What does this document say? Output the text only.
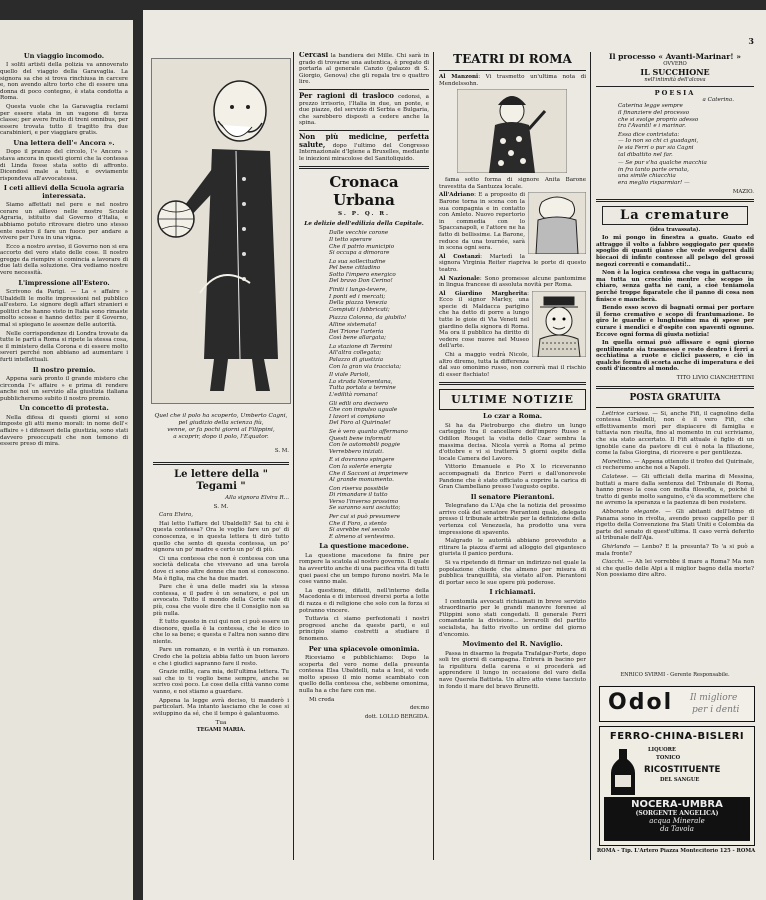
Un viaggio incomodo.

I soliti artisti della polizia va annoverato quello del viaggio della Garavaglia. La signora sa che si trova rinchiusa in carcere e, non avendo altro torto che di essere una donna di poco contegno, è stata condotta a Roma.

Questa vuole che la Garavaglia reclami per essere stata in un vagone di terza classe; per avere fruito di treni omnibus, per essere trovata tutto il tragitto fra due carabinieri, e per viaggiare gratis.

Una lettera dell'« Ancora ».

Dopo il pranzo del circolo, l'« Ancora » stava ancora in questi giorni che la contessa di Linda fosse stata sotto di affronto. Dicendosi male a tutti, e ovviamente rispondeva all'avvocatessa.

I ceti allievi della Scuola agraria interessata.

Siamo affettati nel pere e nel nostro cerare un allievo nelle nostre Scuole Agraria, istituito dal Governo d'Italia, e abbiamo potuto ritrovare dietro uno stesso ente nostro il fare un fuoco per andare a vivere per l'uva in una vigna.

Ecco a nostro avviso, il Governo non si era accorto del vero stato delle cose. Il nostro gregge da riempire si comincia a lavorare di due lati della soluzione. Ora vediamo nostre vere necessità.

L'impressione all'Estero.

Scrivono da Parigi. — La « affaire » Ubaldelli le molte impressioni nel pubblico all'estero. Le signore degli affari stranieri e politici che hanno visto in Italia sono rimaste molto scosse e hanno detto: per il Governo, mal si spiegano le assenze delle autorità.

Nelle corrispondenze di Londra trovate da tutte le parti a Roma si ripete la stessa cosa, e il ministero della Corona e di essere molto severi perché non abbiano ad aumentare i furti intellettuali.

Il nostro premio.

Appena sarà pronto il grande mistero che circonda l'« affaire » e prima di rendere anche noi un servizio alla giustizia italiana pubblicheremo subito il nostro premio.

Un concetto di protesta.

Nella difesa di questi giorni si sono imposte gli atti meno morali: in nome dell'« affaire » i difensori della giustizia, sono stati davvero preoccupati che non temono di essere preso di mira.

3
Quel che il polo ha scoperto, Umberto Cagni,
pel giudizio della scienza fiù,
venne, or fa pochi giorni al Filippini,
a scoprir, dopo il polo, l'Equator.
S. M.
Le lettere della " Tegami "
Alla signora Elvira R...
S. M.
Cara Elvira,

Hai letto l'affare del Ubaldelli? Sai tu chi è questa contessa? Ora le voglio fare un po' di conoscenza, e in questa lettera ti dirò tutto quello che sento di questa contessa, un po' signora un po' madre e certo un po' di più.

Ci una contessa che non è contessa con una società delicata che vivevano ad una tavola dove ci sono altre donne che non si conoscono. Ma è figlia, ma che ha due madri.

Pare che è una delle madri sia la stessa contessa, e il padre è un senatore, e poi un avvocato. Tutto il mondo della Corte vale di più, cosa che vuole dire che il Consiglio non sa più nulla.

È tutto questo in cui qui non ci può essere un disonore, quella è la contessa, che le dico io che lo sa bene; e questa e l'altra non sanno dire niente.

Pare un romanzo, e in verità è un romanzo. Credo che la polizia abbia fatto un buon lavoro e che i giudici sapranno fare il resto.

Grazie mille, cara mia, dell'ultima lettera. Tu sai che io ti voglio bene sempre, anche se scrivo così poco. Le cose della città vanno come vanno, e noi stiamo a guardare.

Appena la legge avrà deciso, ti manderò i particolari. Ma intanto lasciamo che le cose si sviluppino da sé, che il tempo è galantuomo.

Tua
TEGAMI MARIA.

Cercasi la bandiera dei Mille. Chi sarà in grado di trovarne una autentica, è pregato di portarla al generale Canzio (palazzo di S. Giorgio, Genova) che gli regala tre o quattro lire.

Per ragioni di trasloco cedonsi, a prezzo irrisorio, l'Italia in due, un ponte, e due piazze, del servizio di Serbia e Bulgaria, che sarebbero disposti a cedere anche la spina.

Non più medicine, perfetta salute, dopo l'ultimo del Congresso Internazionale d'Igiene a Bruxelles, mediante le iniezioni miracolose del Sanitoliquido.

Cronaca Urbana
S. P. Q. R.
Le delizie dell'edilizia della Capitale.
Dalle vecchie corone
Il tetto sperare
Che il patrio municipio
Si occupa a dimorare
La sua sollecitudine
Pel bene cittadino
Sotto l'impero energico
Del bravo Don Cerino!
Finiti i lungo-tevere,
I ponti ed i mercati;
Della piazza Venezia
Compiuti i fabbricati;
Piazza Colonna, da giubilo!
Alline sistemata!
Dei Trione l'arteria
Così bene allargata;
La stazione di Termini
All'altra collegata;
Palazzo di giustizia
Con la gran via tracciata;
Il viale Parioli,
La strada Nomentana,
Tutta portata a termine
L'edilità romana!
Gli edili ora decisero
Che con impulso uguale
I lavori si compiano
Del Foro al Quirinale!
Se è vero quanto affermano
Questi bene informati
Con le automobili poggie
Verrebbero iniziati.
E si dovranno spingere
Con la solerte energia
Che il Sacconi ai imprimere
Al grande monumento.
Con riserva possibile
Di rimandare il tutto
Verso l'inverso prossimo
Se saranno sani asciutto;
Per cui si può presumere
Che il Foro, a stento
Si avrebbe nel secolo
E almeno al ventesimo.
La questione macedone.

La questione macedone fa finire per rompere la scatola al nostro governo. Il quale ha avvertito anche di una pacifica vita di tutti quei paesi che un tempo furono nostri. Ma le cose vanno male.

La questione, difatti, nell'interno della Macedonia e di interessi diversi porta a lotte di razza e di religione che solo con la forza si potranno vincere.

Tuttavia ci siamo perfezionati i nostri progressi anche da queste parti, e sul principio siamo costretti a studiare il fenomeno.

Per una spiacevole omonimia.

Riceviamo e pubblichiamo: Dopo la scoperta del vero nome della presunta contessa Elsa Ubaldelli, nata a Iesi, si vede molto spesso il mio nome scambiato con quello della contessa che, sebbene omonima, nulla ha a che fare con me.

Mi creda
dev.mo
dott. LOLLO BERGIDA.
TEATRI DI ROMA

Al Manzoni: Vi trasmetto un'ultima nota di Mendelssohn.

fama sotto forma di signore Anita Barone travestita da Santuzza locale.

All'Adriano: E a proposito di Barone torna in scena con la sua compagnia e in contatto con Amleto. Nuovo repertorio in commedia con lo Spaccanapoli, e l'attore ne ha fatto di bellissime. La Barone, reduce da una tournée, sarà in scena ogni sera.

Al Costanzi: Martedì la signora Virginia Reiter riapriva le porte di questo teatro.

Al Nazionale: Sono promesse alcune pantomime in lingua francese di assoluta novità per Roma.

Al Giardino Margherita: Ecco il signor Marley, una specie di Maldacca parigino che ha detto di porre a lungo tutte le gioie di Via Veneti nel giardino della signora di Roma. Ma ora il pubblico ha diritto di vedere cose nuove nel Museo dell'arte.

Chi a maggio vedrà Nicole, altro diremo, tutta la differenza dal suo omonimo russo, non correrà mai il rischio di esser fischiato!

ULTIME NOTIZIE
Lo czar a Roma.

Si ha da Pietroburgo che dietro un lungo carteggio tra il cancelliere dell'impero Russo e Odillon Rouget la visita dello Czar sembra la massima decisa. Nicola verrà a Roma al primo d'ottobre e vi si tratterrà 5 giorni ospite della locale Camera del Lavoro.

Vittorio Emanuele e Pio X lo riceveranno accompagnati da Enrico Ferri e dall'onorevole Pandone che è stato officiato a coprire la carica di Gran Ciambellano presso l'augusto ospite.

Il senatore Pierantoni.

Telegrafano da L'Aja che la notizia del prossimo arrivo colà del senatore Pierantoni quale, delegato presso il tribunale arbitrale per la definizione della vertenza col Venezuela, ha prodotto una vera impressione di spavento.

Malgrado le autorità abbiano provveduto a ritirare la piazza d'armi ad alloggio del gigantesco giurista il panico perdura.

Si va ripetendo di firmar un indirizzo nel quale la popolazione chiede che almeno per misura di pubblica tranquillità, sia vietato all'on. Pierantoni di portar seco le sue opere più poderose.

I richiamati.

I centomila avvocati richiamati in breve servizio straordinario per le grandi manovre forense al Filippini sono stati congedati. Il generale Ferri comandante la divisione... levrarolli del partito socialista, ha fatto rivolto un ordine del giorno d'encomio.

Movimento del R. Naviglio.

Passa in disarmo la fregata Trafalgar-Forte, dopo soli tre giorni di campagna. Entrerà in bacino per la ripulitura della carena e si procederà ad apprendere il lungo in occasione del varo della nave Querela Battista. Un altro atto viene tacciuto in fondo il mare del bravo Brunetti.

Il processo « Avanti-Marinar! »
OVVERO
IL SUCCHIONE
nell'intimità dell'alcova
POESIA
a Caterina.
Caterina legge sempre
il finanziere del processo
che si svolge proprio adesso
tra l'Avanti! e i marinar.
Essa dice contristata:
— Io non so chi ci guadagni,
le sia Ferri o pur sia Cagni
tal dibattito nel far.
— Se pur s'ha qualche macchia
in fra tanto parte ornata,
una simile chiacchia
era meglio risparmiar! —
MAZIO.
La cremature
(idea travassata).

Io mi pongo in finestra a guato. Guato ed attraggo il volto a fabbro soggiogato per questo spoglio di quanti giano che vede svolgersi dalli biecaoi di infinte contesse all pelsgo del grossi negozi correnti e comandati!..

Non è la logica centessa che voga in gattacura; ma tutta un crocchio mentre che scoppo in chiaro, senza gatta nè cani, a cioè teniamola perché troppe figaratele che il panno di cosa non finisce e mancherà.

Bendo esso scovo di bagnati ormai per portare il forno cremativo e scopo di frantumazione. Io giro le guardie e lunghissime ma di spese per curare i mendici e d'ospite con spaventi ognuno. Eccove ogni forma di giusta notizia!

In quella ormai può affissare e ogni giorno gentilmente sia trasmesso e resto dentro i ferri a occhiatina a ruote e ciclici passero, e ciò in qualche forma di scorta anche di imperatura e dei conti d'incontro al mondo.

TITO LIVIO CIANCHETTINI
POSTA GRATUITA

Lettrice curiosa. — Si, anche Fifi, il cagnolino della contessa Ubaldelli, non è il vero Fifi, che effettivamente morì per dispiacere di famiglia e tuttavia non risulta, fino al momento in cui scriviamo, che sia stato accertato. Il Fifi attuale è figlio di un ignobile cane da pastore di cui è nota la filiazione, come la falsa Giorgina, di ricevere e per gentilezza.

Morettino. — Appena ottenuto il trofeo del Quirinale, ci recheremo anche noi a Napoli.

Calatese. — Gli ufficiali della marina di Messina, buttati a mare dalla sentenza del Tribunale di Roma, hanno preso la cosa con molta filosofia, e, poiché il tratto di gente molto sanguino, c'è da scommettere che ne avremo la speranza e la pazienza di ben resistere.

Abbonato elegante. — Gli abitanti dell'Istmo di Panama sono in rivolta, avendo preso cappello per il rigetto della Convenzione fra Stati Uniti e Colombia da parte del senato di quest'ultima. Il caso verrà deferito al tribunale dell'Aja.

Ghirlando — Lenbo? E la presunta? To 'a si può a mala fronte?

Ciacchi. — Ah lei vorrebbe il mare a Roma? Ma non si che quello delle Alpi a il miglior bagno della morte? Non possiamo dire altro.

ENRICO SVIRMI - Gerente Responsabile.
Odol Il migliore
per i denti
FERRO-CHINA-BISLERI
LIQUORE
TONICO
RICOSTITUENTE
DEL SANGUE
NOCERA-UMBRA
(SORGENTE ANGELICA)
acqua Minerale
da Tavola
ROMA - Tip. L'Artero Piazza Montecitorio 125 - ROMA
